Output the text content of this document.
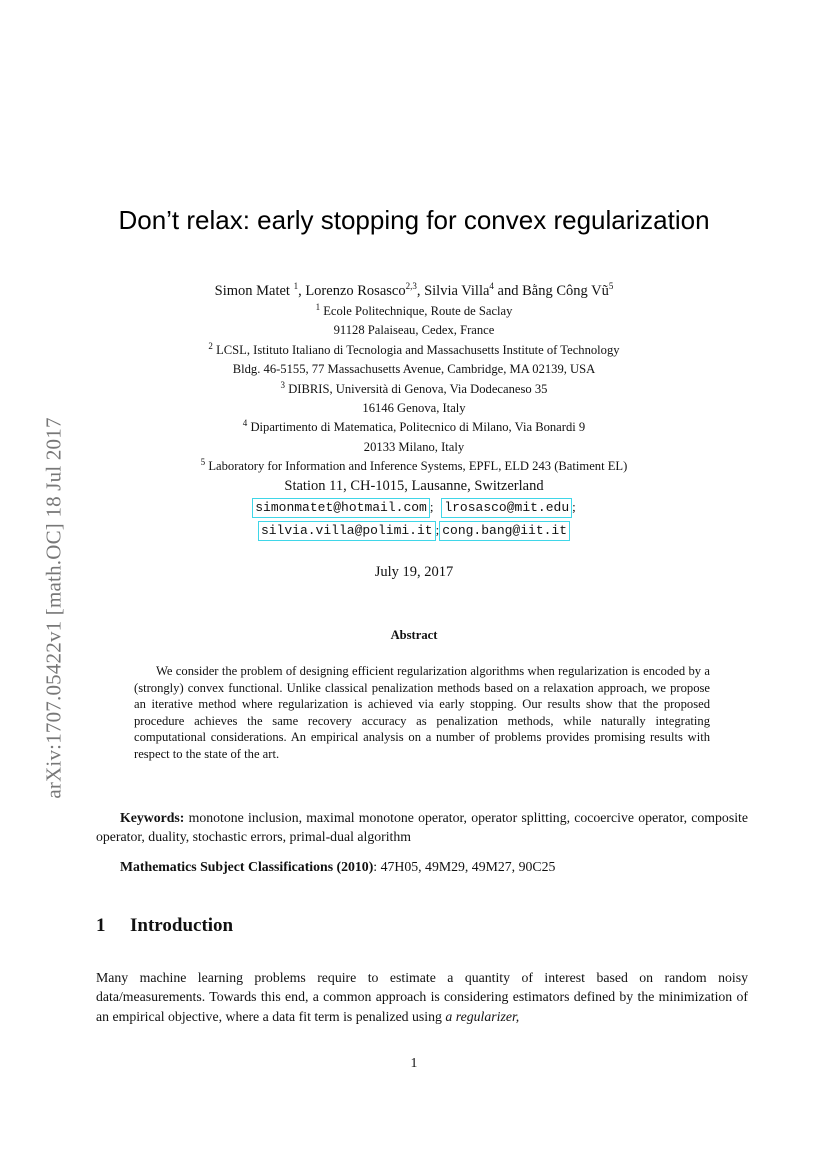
arXiv:1707.05422v1 [math.OC] 18 Jul 2017
Don’t relax: early stopping for convex regularization
Simon Matet $^1$, Lorenzo Rosasco$^{2,3}$, Silvia Villa$^4$ and Bằng Công $Vũ^5$
$^1$ Ecole Politechnique, Route de Saclay
91128 Palaiseau, Cedex, France
$^2$ LCSL, Istituto Italiano di Tecnologia and Massachusetts Institute of Technology
Bldg. 46-5155, 77 Massachusetts Avenue, Cambridge, MA 02139, USA
$^3$ DIBRIS, Università di Genova, Via Dodecaneso 35
16146 Genova, Italy
$^4$ Dipartimento di Matematica, Politecnico di Milano, Via Bonardi 9
20133 Milano, Italy
$^5$ Laboratory for Information and Inference Systems, EPFL, ELD 243 (Batiment EL)
Station 11, CH-1015, Lausanne, Switzerland
simonmatet@hotmail.com ; lrosasco@mit.edu ;
silvia.villa@polimi.it ; cong.bang@iit.it
July 19, 2017
Abstract
We consider the problem of designing efficient regularization algorithms when regularization is encoded by a (strongly) convex functional. Unlike classical penalization methods based on a relaxation approach, we propose an iterative method where regularization is achieved via early stopping. Our results show that the proposed procedure achieves the same recovery accuracy as penalization methods, while naturally integrating computational considerations. An empirical analysis on a number of problems provides promising results with respect to the state of the art.
Keywords: monotone inclusion, maximal monotone operator, operator splitting, cocoercive operator, composite operator, duality, stochastic errors, primal-dual algorithm
Mathematics Subject Classifications (2010): 47H05, 49M29, 49M27, 90C25
1 Introduction
Many machine learning problems require to estimate a quantity of interest based on random noisy data/measurements. Towards this end, a common approach is considering estimators defined by the minimization of an empirical objective, where a data fit term is penalized using a regularizer,
1
